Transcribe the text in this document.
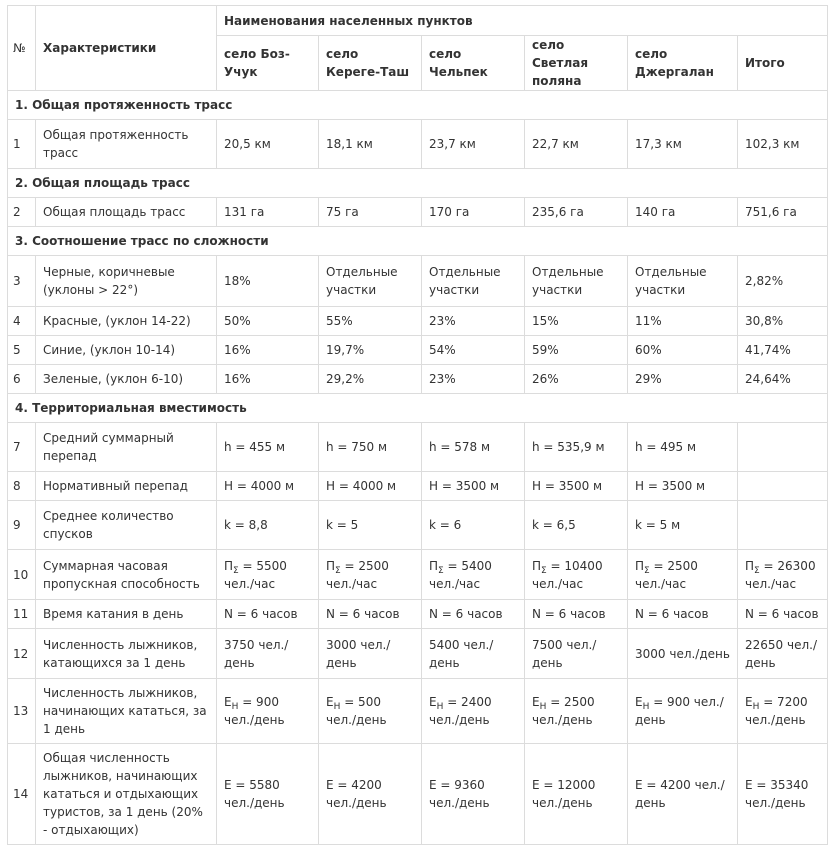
№	Характеристики	Наименования населенных пунктов					
		село Боз-Учук	село Кереге-Таш	село Чельпек	село Светлая поляна	село Джергалан	Итого
1. Общая протяженность трасс							
1	Общая протяженность трасс	20,5 км	18,1 км	23,7 км	22,7 км	17,3 км	102,3 км
2. Общая площадь трасс							
2	Общая площадь трасс	131 га	75 га	170 га	235,6 га	140 га	751,6 га
3. Соотношение трасс по сложности							
3	Черные, коричневые (уклоны > 22°)	18%	Отдельные участки	Отдельные участки	Отдельные участки	Отдельные участки	2,82%
4	Красные, (уклон 14-22)	50%	55%	23%	15%	11%	30,8%
5	Синие, (уклон 10-14)	16%	19,7%	54%	59%	60%	41,74%
6	Зеленые, (уклон 6-10)	16%	29,2%	23%	26%	29%	24,64%
4. Территориальная вместимость							
7	Средний суммарный перепад	h = 455 м	h = 750 м	h = 578 м	h = 535,9 м	h = 495 м	
8	Нормативный перепад	H = 4000 м	H = 4000 м	H = 3500 м	H = 3500 м	H = 3500 м	
9	Среднее количество спусков	k = 8,8	k = 5	k = 6	k = 6,5	k = 5 м	
10	Суммарная часовая пропускная способность	$П_\Sigma = 5500$ чел./час	$П_\Sigma = 2500$ чел./час	$П_\Sigma = 5400$ чел./час	$П_\Sigma = 10400$ чел./час	$П_\Sigma = 2500$ чел./час	$П_\Sigma = 26300$ чел./час
11	Время катания в день	N = 6 часов	N = 6 часов	N = 6 часов	N = 6 часов	N = 6 часов	N = 6 часов
12	Численность лыжников, катающихся за 1 день	3750 чел./день	3000 чел./день	5400 чел./день	7500 чел./день	3000 чел./день	22650 чел./день
13	Численность лыжников, начинающих кататься, за 1 день	$E_Н = 900$ чел./день	$E_Н = 500$ чел./день	$E_Н = 2400$ чел./день	$E_Н = 2500$ чел./день	$E_Н = 900$ чел./день	$E_Н = 7200$ чел./день
14	Общая численность лыжников, начинающих кататься и отдыхающих туристов, за 1 день (20% - отдыхающих)	E = 5580 чел./день	E = 4200 чел./день	E = 9360 чел./день	E = 12000 чел./день	E = 4200 чел./день	E = 35340 чел./день
